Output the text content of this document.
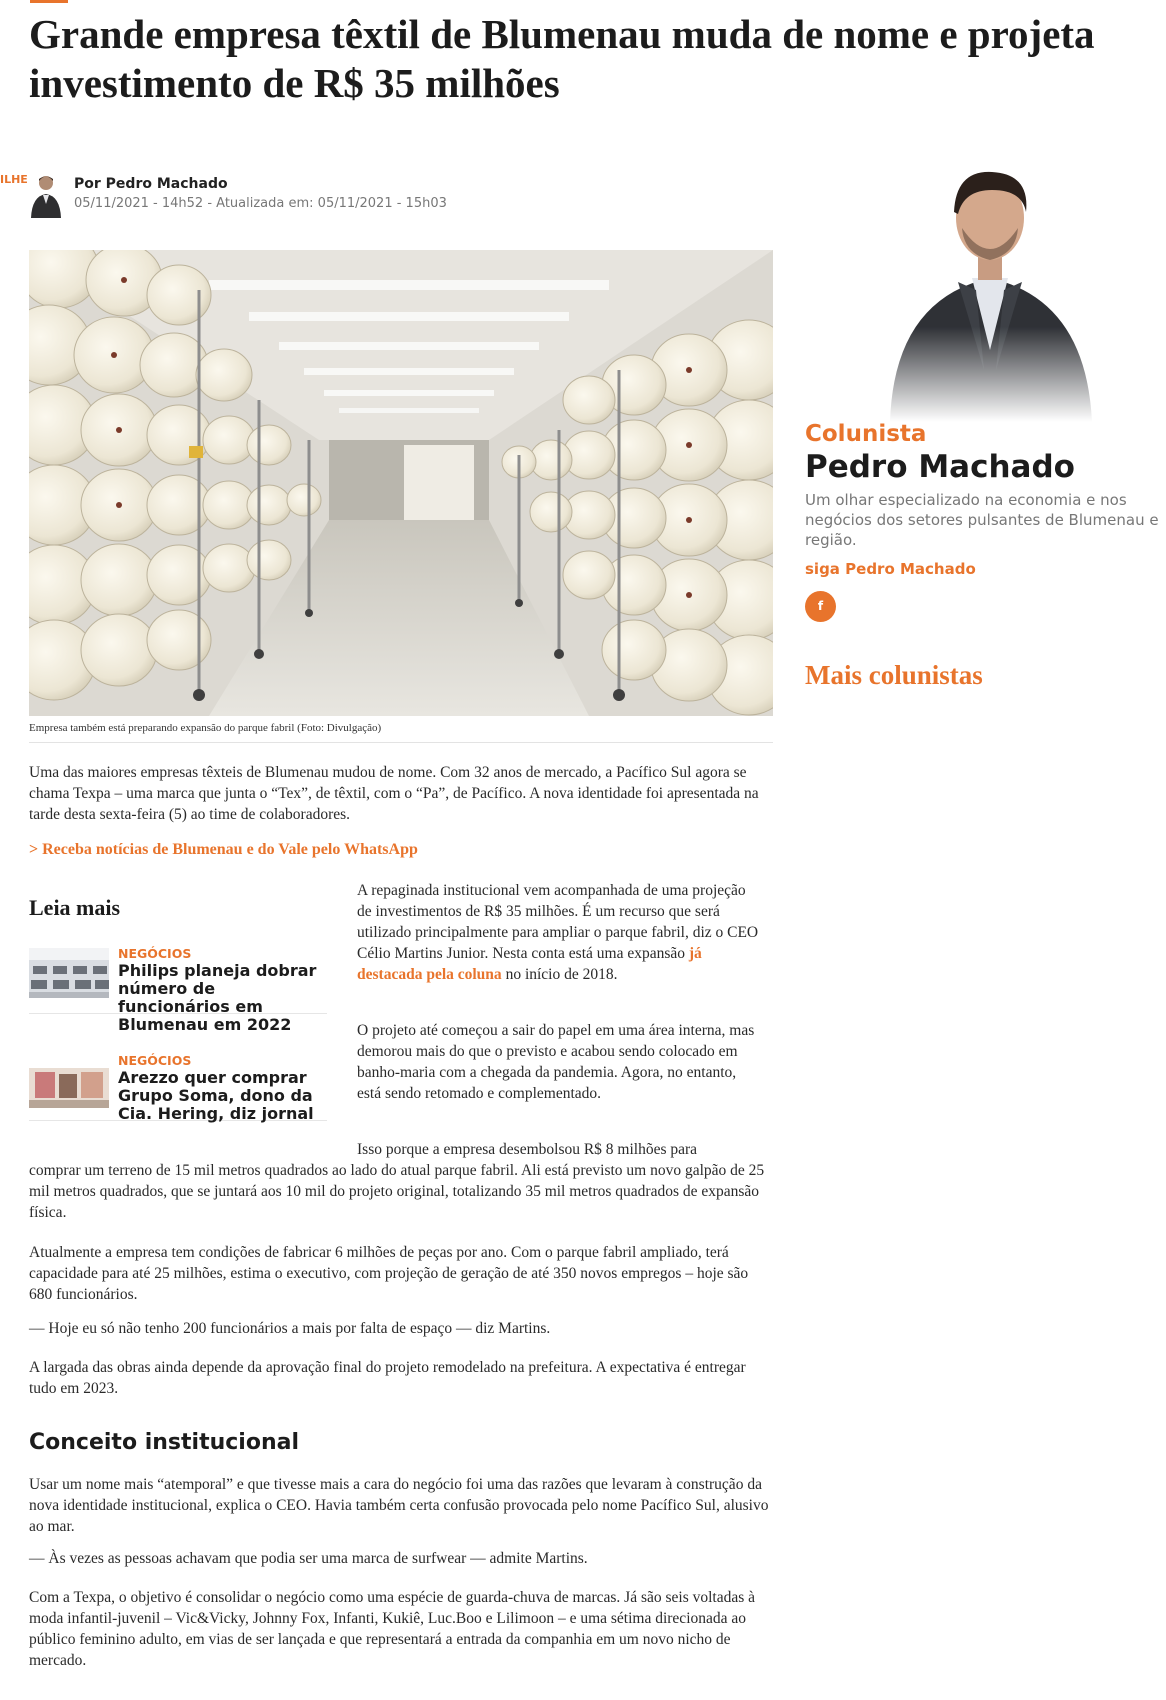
Grande empresa têxtil de Blumenau muda de nome e projeta investimento de R$ 35 milhões
ILHE	Por Pedro Machado
05/11/2021 - 14h52 - Atualizada em: 05/11/2021 - 15h03
Empresa também está preparando expansão do parque fabril (Foto: Divulgação)

Uma das maiores empresas têxteis de Blumenau mudou de nome. Com 32 anos de mercado, a Pacífico Sul agora se chama Texpa – uma marca que junta o “Tex”, de têxtil, com o “Pa”, de Pacífico. A nova identidade foi apresentada na tarde desta sexta-feira (5) ao time de colaboradores.

> Receba notícias de Blumenau e do Vale pelo WhatsApp
Leia mais
NEGÓCIOS
Philips planeja dobrar número de funcionários em Blumenau em 2022
NEGÓCIOS
Arezzo quer comprar Grupo Soma, dono da Cia. Hering, diz jornal

A repaginada institucional vem acompanhada de uma projeção de investimentos de R$ 35 milhões. É um recurso que será utilizado principalmente para ampliar o parque fabril, diz o CEO Célio Martins Junior. Nesta conta está uma expansão já destacada pela coluna no início de 2018.

O projeto até começou a sair do papel em uma área interna, mas demorou mais do que o previsto e acabou sendo colocado em banho-maria com a chegada da pandemia. Agora, no entanto, está sendo retomado e complementado.

Isso porque a empresa desembolsou R$ 8 milhões para

comprar um terreno de 15 mil metros quadrados ao lado do atual parque fabril. Ali está previsto um novo galpão de 25 mil metros quadrados, que se juntará aos 10 mil do projeto original, totalizando 35 mil metros quadrados de expansão física.

Atualmente a empresa tem condições de fabricar 6 milhões de peças por ano. Com o parque fabril ampliado, terá capacidade para até 25 milhões, estima o executivo, com projeção de geração de até 350 novos empregos – hoje são 680 funcionários.

— Hoje eu só não tenho 200 funcionários a mais por falta de espaço — diz Martins.

A largada das obras ainda depende da aprovação final do projeto remodelado na prefeitura. A expectativa é entregar tudo em 2023.

Conceito institucional

Usar um nome mais “atemporal” e que tivesse mais a cara do negócio foi uma das razões que levaram à construção da nova identidade institucional, explica o CEO. Havia também certa confusão provocada pelo nome Pacífico Sul, alusivo ao mar.

— Às vezes as pessoas achavam que podia ser uma marca de surfwear — admite Martins.

Com a Texpa, o objetivo é consolidar o negócio como uma espécie de guarda-chuva de marcas. Já são seis voltadas à moda infantil-juvenil – Vic&Vicky, Johnny Fox, Infanti, Kukiê, Luc.Boo e Lilimoon – e uma sétima direcionada ao público feminino adulto, em vias de ser lançada e que representará a entrada da companhia em um novo nicho de mercado.

Colunista
Pedro Machado

Um olhar especializado na economia e nos negócios dos setores pulsantes de Blumenau e região.

siga Pedro Machado
f
Mais colunistas
